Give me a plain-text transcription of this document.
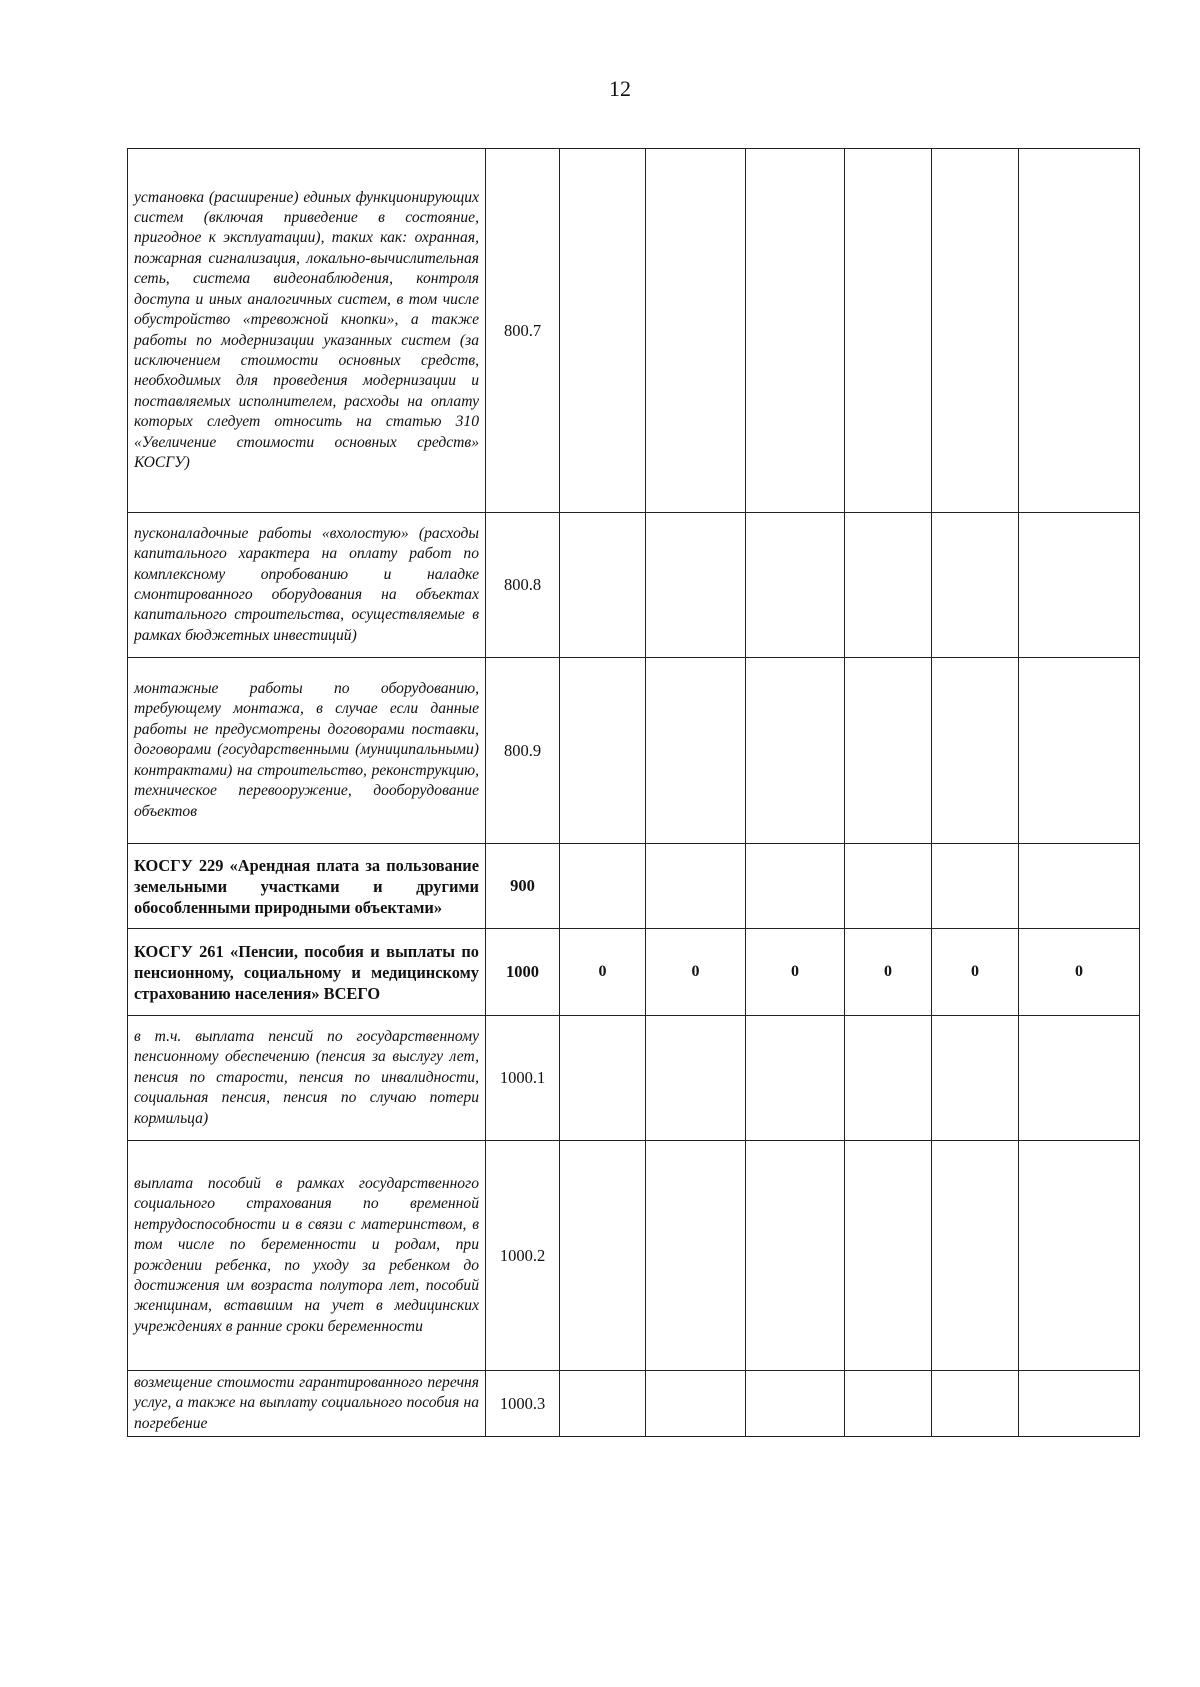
12
установка (расширение) единых функционирующих систем (включая приведение в состояние, пригодное к эксплуатации), таких как: охранная, пожарная сигнализация, локально-вычислительная сеть, система видеонаблюдения, контроля доступа и иных аналогичных систем, в том числе обустройство «тревожной кнопки», а также работы по модернизации указанных систем (за исключением стоимости основных средств, необходимых для проведения модернизации и поставляемых исполнителем, расходы на оплату которых следует относить на статью 310 «Увеличение стоимости основных средств» КОСГУ)	800.7						
пусконаладочные работы «вхолостую» (расходы капитального характера на оплату работ по комплексному опробованию и наладке смонтированного оборудования на объектах капитального строительства, осуществляемые в рамках бюджетных инвестиций)	800.8						
монтажные работы по оборудованию, требующему монтажа, в случае если данные работы не предусмотрены договорами поставки, договорами (государственными (муниципальными) контрактами) на строительство, реконструкцию, техническое перевооружение, дооборудование объектов	800.9						
КОСГУ 229 «Арендная плата за пользование земельными участками и другими обособленными природными объектами»	900						
КОСГУ 261 «Пенсии, пособия и выплаты по пенсионному, социальному и медицинскому страхованию населения» ВСЕГО	1000	0	0	0	0	0	0
в т.ч. выплата пенсий по государственному пенсионному обеспечению (пенсия за выслугу лет, пенсия по старости, пенсия по инвалидности, социальная пенсия, пенсия по случаю потери кормильца)	1000.1						
выплата пособий в рамках государственного социального страхования по временной нетрудоспособности и в связи с материнством, в том числе по беременности и родам, при рождении ребенка, по уходу за ребенком до достижения им возраста полутора лет, пособий женщинам, вставшим на учет в медицинских учреждениях в ранние сроки беременности	1000.2						
возмещение стоимости гарантированного перечня услуг, а также на выплату социального пособия на погребение	1000.3						
